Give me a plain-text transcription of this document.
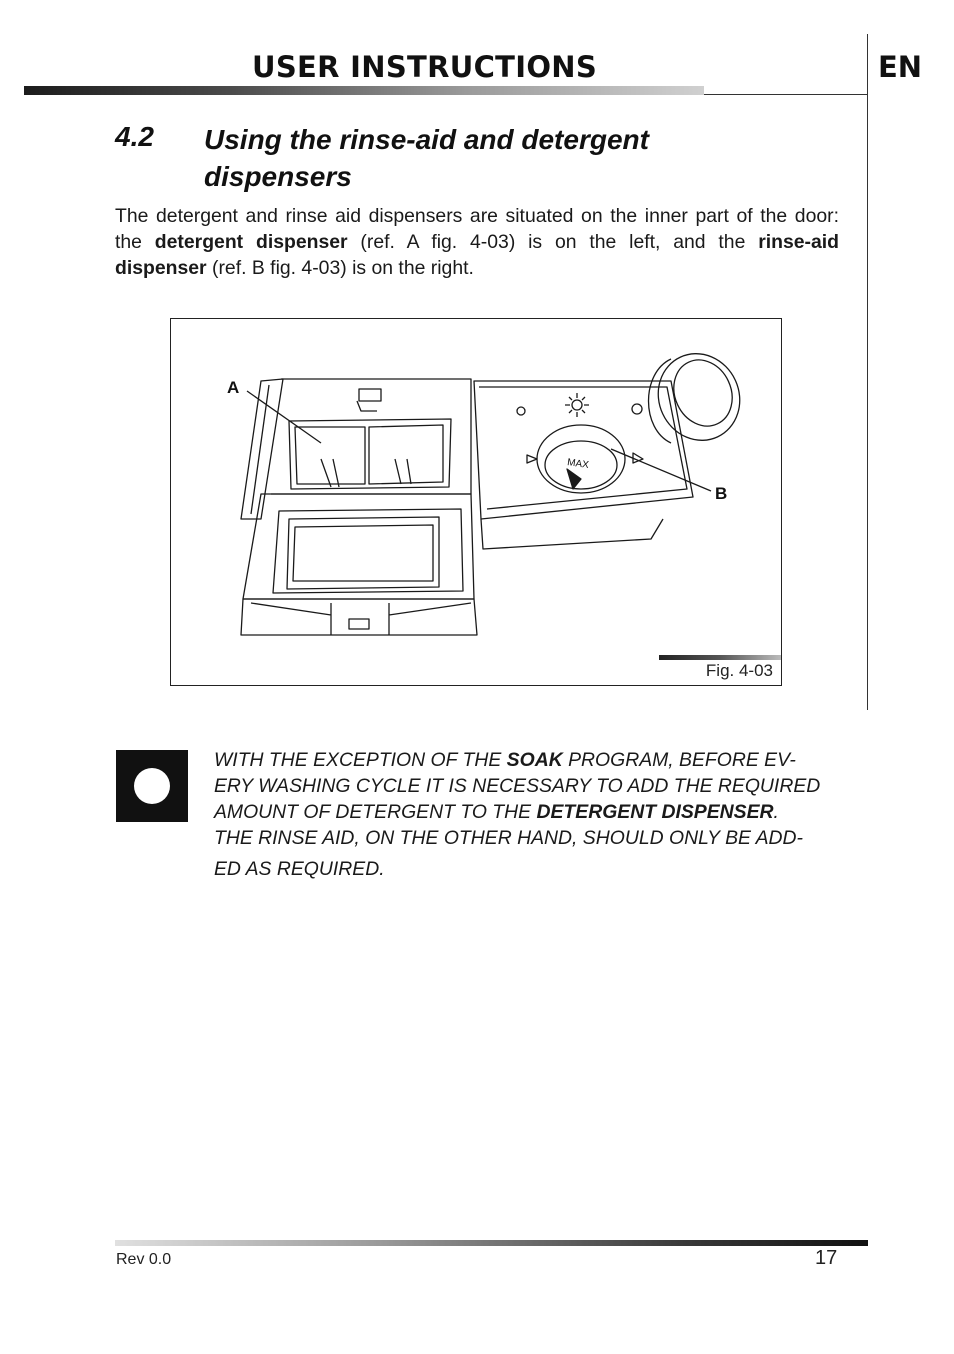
USER INSTRUCTIONS	EN
4.2 Using the rinse-aid and detergent dispensers
The detergent and rinse aid dispensers are situated on the inner part of the door: the detergent dispenser (ref. A fig. 4-03) is on the left, and the rinse-aid dispenser (ref. B fig. 4-03) is on the right.
A
B
MAX
Fig. 4-03
WITH THE EXCEPTION OF THE SOAK PROGRAM, BEFORE EV-
ERY WASHING CYCLE IT IS NECESSARY TO ADD THE REQUIRED
AMOUNT OF DETERGENT TO THE DETERGENT DISPENSER.
THE RINSE AID, ON THE OTHER HAND, SHOULD ONLY BE ADD-
ED AS REQUIRED.
Rev 0.0	17
